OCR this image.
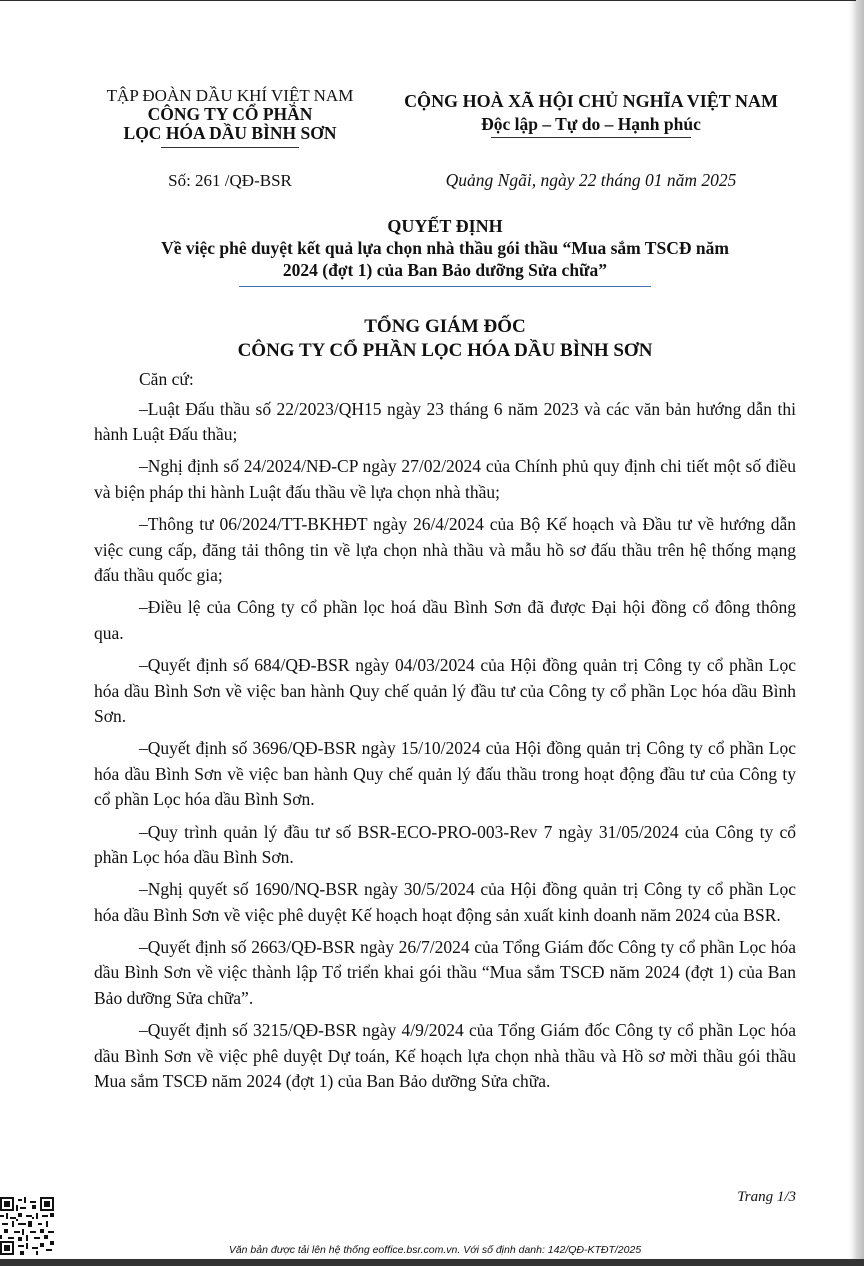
TẬP ĐOÀN DẦU KHÍ VIỆT NAM
CÔNG TY CỔ PHẦN
LỌC HÓA DẦU BÌNH SƠN
Số: 261 /QĐ-BSR
CỘNG HOÀ XÃ HỘI CHỦ NGHĨA VIỆT NAM
Độc lập – Tự do – Hạnh phúc
Quảng Ngãi, ngày 22 tháng 01 năm 2025
QUYẾT ĐỊNH
Về việc phê duyệt kết quả lựa chọn nhà thầu gói thầu “Mua sắm TSCĐ năm
2024 (đợt 1) của Ban Bảo dưỡng Sửa chữa”
TỔNG GIÁM ĐỐC
CÔNG TY CỔ PHẦN LỌC HÓA DẦU BÌNH SƠN

Căn cứ:

–Luật Đấu thầu số 22/2023/QH15 ngày 23 tháng 6 năm 2023 và các văn bản hướng dẫn thi hành Luật Đấu thầu;

–Nghị định số 24/2024/NĐ-CP ngày 27/02/2024 của Chính phủ quy định chi tiết một số điều và biện pháp thi hành Luật đấu thầu về lựa chọn nhà thầu;

–Thông tư 06/2024/TT-BKHĐT ngày 26/4/2024 của Bộ Kế hoạch và Đầu tư về hướng dẫn việc cung cấp, đăng tải thông tin về lựa chọn nhà thầu và mẫu hồ sơ đấu thầu trên hệ thống mạng đấu thầu quốc gia;

–Điều lệ của Công ty cổ phần lọc hoá dầu Bình Sơn đã được Đại hội đồng cổ đông thông qua.

–Quyết định số 684/QĐ-BSR ngày 04/03/2024 của Hội đồng quản trị Công ty cổ phần Lọc hóa dầu Bình Sơn về việc ban hành Quy chế quản lý đầu tư của Công ty cổ phần Lọc hóa dầu Bình Sơn.

–Quyết định số 3696/QĐ-BSR ngày 15/10/2024 của Hội đồng quản trị Công ty cổ phần Lọc hóa dầu Bình Sơn về việc ban hành Quy chế quản lý đấu thầu trong hoạt động đầu tư của Công ty cổ phần Lọc hóa dầu Bình Sơn.

–Quy trình quản lý đầu tư số BSR-ECO-PRO-003-Rev 7 ngày 31/05/2024 của Công ty cổ phần Lọc hóa dầu Bình Sơn.

–Nghị quyết số 1690/NQ-BSR ngày 30/5/2024 của Hội đồng quản trị Công ty cổ phần Lọc hóa dầu Bình Sơn về việc phê duyệt Kế hoạch hoạt động sản xuất kinh doanh năm 2024 của BSR.

–Quyết định số 2663/QĐ-BSR ngày 26/7/2024 của Tổng Giám đốc Công ty cổ phần Lọc hóa dầu Bình Sơn về việc thành lập Tổ triển khai gói thầu “Mua sắm TSCĐ năm 2024 (đợt 1) của Ban Bảo dưỡng Sửa chữa”.

–Quyết định số 3215/QĐ-BSR ngày 4/9/2024 của Tổng Giám đốc Công ty cổ phần Lọc hóa dầu Bình Sơn về việc phê duyệt Dự toán, Kế hoạch lựa chọn nhà thầu và Hồ sơ mời thầu gói thầu Mua sắm TSCĐ năm 2024 (đợt 1) của Ban Bảo dưỡng Sửa chữa.

Trang 1/3
Văn bản được tải lên hệ thống eoffice.bsr.com.vn. Với số định danh: 142/QĐ-KTĐT/2025
